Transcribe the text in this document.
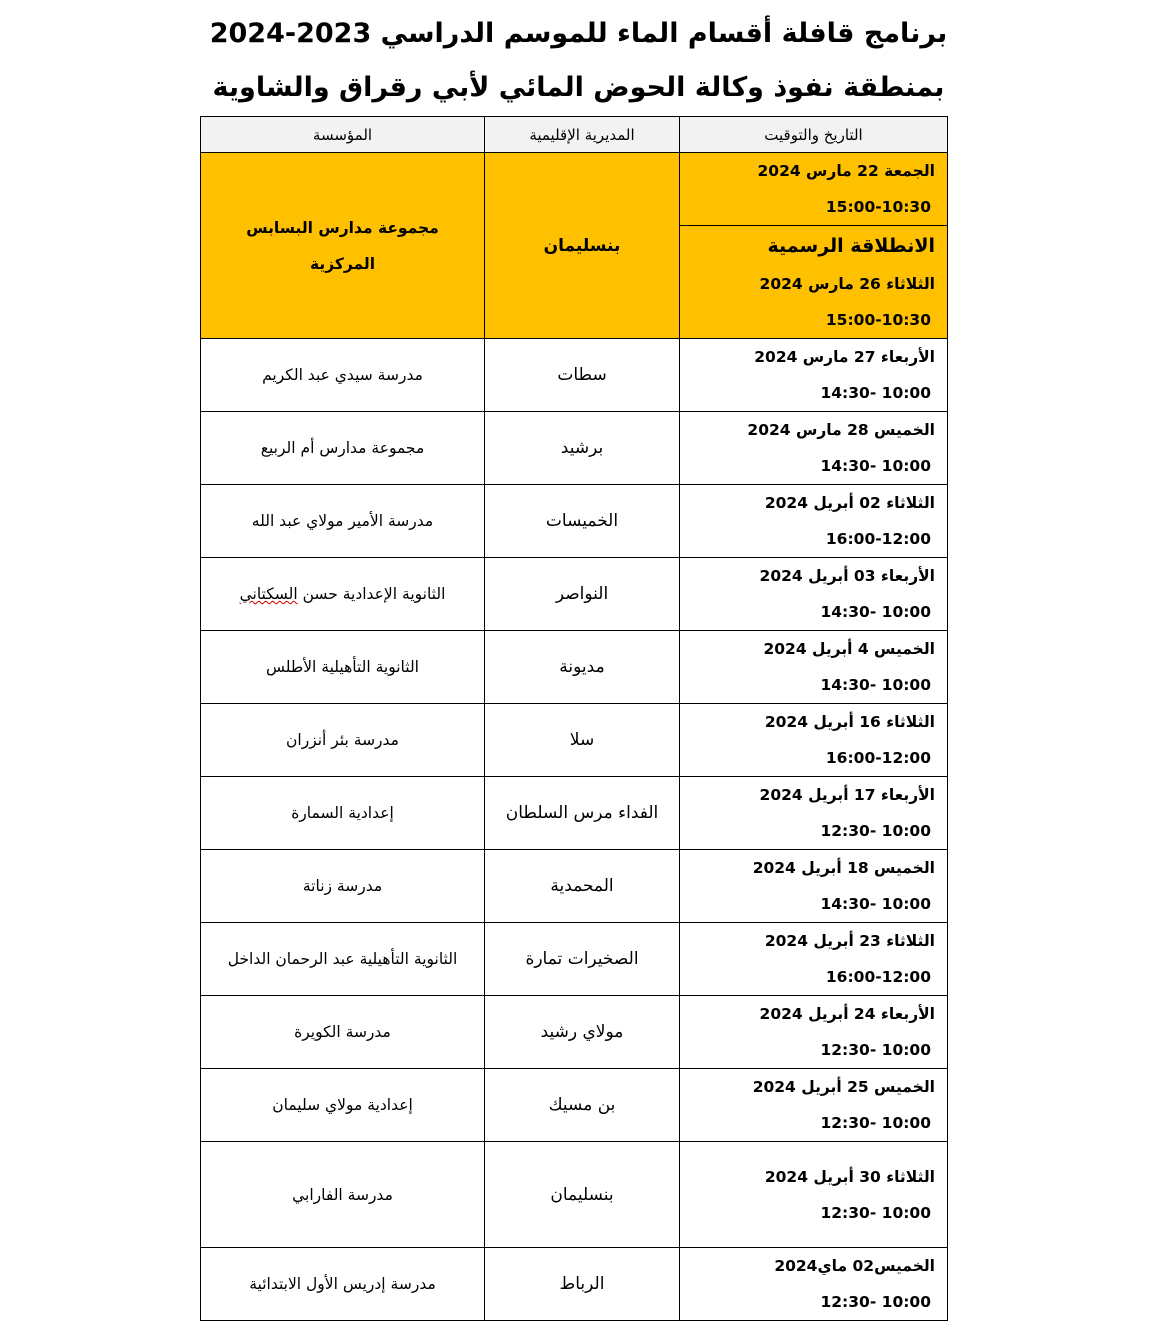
برنامج قافلة أقسام الماء للموسم الدراسي 2023-2024
بمنطقة نفوذ وكالة الحوض المائي لأبي رقراق والشاوية
التاريخ والتوقيت	المديرية الإقليمية	المؤسسة

الجمعة 22 مارس 2024
15:00-10:30	بنسليمان	مجموعة مدارس البسابس المركزية

الانطلاقة الرسمية
الثلاثاء 26 مارس 2024
15:00-10:30		

الأربعاء 27 مارس 2024
10:00 -14:30	سطات	مدرسة سيدي عبد الكريم

الخميس 28 مارس 2024
10:00 -14:30	برشيد	مجموعة مدارس أم الربيع

الثلاثاء 02 أبريل 2024
16:00-12:00	الخميسات	مدرسة الأمير مولاي عبد الله

الأربعاء 03 أبريل 2024
10:00 -14:30	النواصر	الثانوية الإعدادية حسن السكتاني

الخميس 4 أبريل 2024
10:00 -14:30	مديونة	الثانوية التأهيلية الأطلس

الثلاثاء 16 أبريل 2024
16:00-12:00	سلا	مدرسة بئر أنزران

الأربعاء 17 أبريل 2024
10:00 -12:30	الفداء مرس السلطان	إعدادية السمارة

الخميس 18 أبريل 2024
10:00 -14:30	المحمدية	مدرسة زناتة

الثلاثاء 23 أبريل 2024
16:00-12:00	الصخيرات تمارة	الثانوية التأهيلية عبد الرحمان الداخل

الأربعاء 24 أبريل 2024
10:00 -12:30	مولاي رشيد	مدرسة الكويرة

الخميس 25 أبريل 2024
10:00 -12:30	بن مسيك	إعدادية مولاي سليمان

الثلاثاء 30 أبريل 2024
10:00 -12:30	بنسليمان	مدرسة الفارابي

الخميس02 ماي2024
10:00 -12:30	الرباط	مدرسة إدريس الأول الابتدائية
